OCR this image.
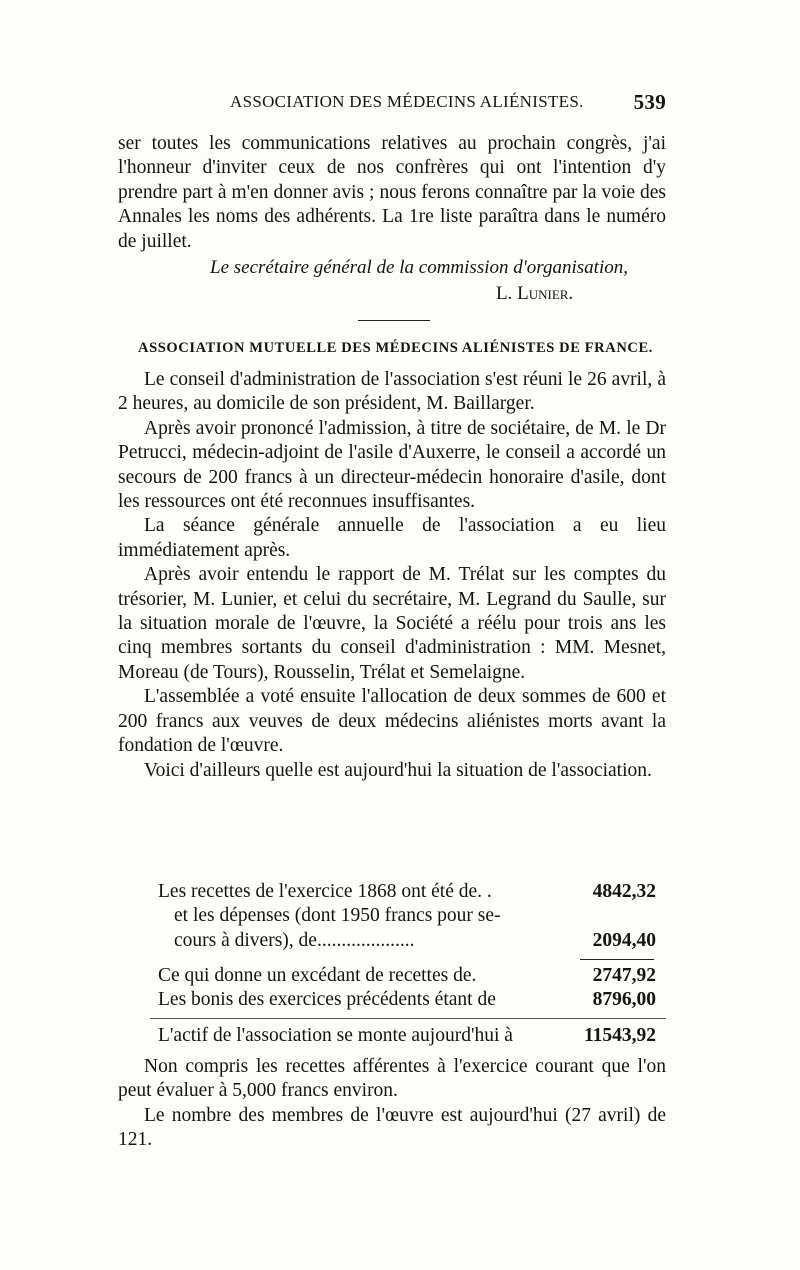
ASSOCIATION DES MÉDECINS ALIÉNISTES. 539

ser toutes les communications relatives au prochain congrès, j'ai l'honneur d'inviter ceux de nos confrères qui ont l'intention d'y prendre part à m'en donner avis ; nous ferons connaître par la voie des Annales les noms des adhérents. La 1re liste paraîtra dans le numéro de juillet.

Le secrétaire général de la commission d'organisation,
L. Lunier.
ASSOCIATION MUTUELLE DES MÉDECINS ALIÉNISTES DE FRANCE.

Le conseil d'administration de l'association s'est réuni le 26 avril, à 2 heures, au domicile de son président, M. Baillarger.

Après avoir prononcé l'admission, à titre de sociétaire, de M. le Dr Petrucci, médecin-adjoint de l'asile d'Auxerre, le conseil a accordé un secours de 200 francs à un directeur-médecin honoraire d'asile, dont les ressources ont été reconnues insuffisantes.

La séance générale annuelle de l'association a eu lieu immédiatement après.

Après avoir entendu le rapport de M. Trélat sur les comptes du trésorier, M. Lunier, et celui du secrétaire, M. Legrand du Saulle, sur la situation morale de l'œuvre, la Société a réélu pour trois ans les cinq membres sortants du conseil d'administration : MM. Mesnet, Moreau (de Tours), Rousselin, Trélat et Semelaigne.

L'assemblée a voté ensuite l'allocation de deux sommes de 600 et 200 francs aux veuves de deux médecins aliénistes morts avant la fondation de l'œuvre.

Voici d'ailleurs quelle est aujourd'hui la situation de l'association.

Les recettes de l'exercice 1868 ont été de. .	4842,32
et les dépenses (dont 1950 francs pour se-
cours à divers), de....................	2094,40
Ce qui donne un excédant de recettes de.	2747,92
Les bonis des exercices précédents étant de	8796,00
L'actif de l'association se monte aujourd'hui à	11543,92

Non compris les recettes afférentes à l'exercice courant que l'on peut évaluer à 5,000 francs environ.

Le nombre des membres de l'œuvre est aujourd'hui (27 avril) de 121.
